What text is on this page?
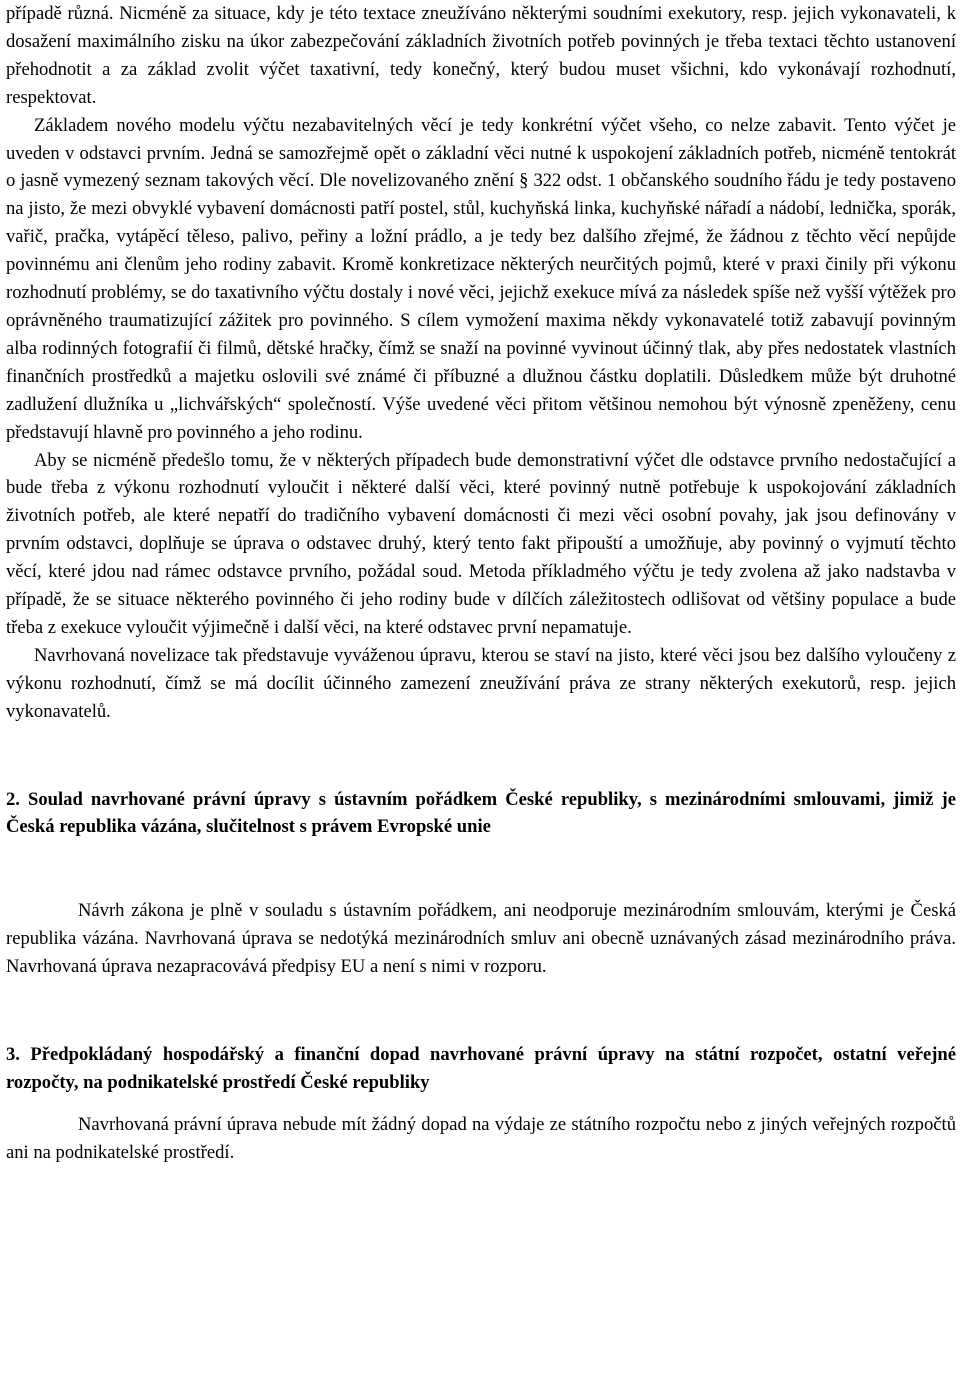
případě různá. Nicméně za situace, kdy je této textace zneužíváno některými soudními exekutory, resp. jejich vykonavateli, k dosažení maximálního zisku na úkor zabezpečování základních životních potřeb povinných je třeba textaci těchto ustanovení přehodnotit a za základ zvolit výčet taxativní, tedy konečný, který budou muset všichni, kdo vykonávají rozhodnutí, respektovat.

Základem nového modelu výčtu nezabavitelných věcí je tedy konkrétní výčet všeho, co nelze zabavit. Tento výčet je uveden v odstavci prvním. Jedná se samozřejmě opět o základní věci nutné k uspokojení základních potřeb, nicméně tentokrát o jasně vymezený seznam takových věcí. Dle novelizovaného znění § 322 odst. 1 občanského soudního řádu je tedy postaveno na jisto, že mezi obvyklé vybavení domácnosti patří postel, stůl, kuchyňská linka, kuchyňské nářadí a nádobí, lednička, sporák, vařič, pračka, vytápěcí těleso, palivo, peřiny a ložní prádlo, a je tedy bez dalšího zřejmé, že žádnou z těchto věcí nepůjde povinnému ani členům jeho rodiny zabavit. Kromě konkretizace některých neurčitých pojmů, které v praxi činily při výkonu rozhodnutí problémy, se do taxativního výčtu dostaly i nové věci, jejichž exekuce mívá za následek spíše než vyšší výtěžek pro oprávněného traumatizující zážitek pro povinného. S cílem vymožení maxima někdy vykonavatelé totiž zabavují povinným alba rodinných fotografií či filmů, dětské hračky, čímž se snaží na povinné vyvinout účinný tlak, aby přes nedostatek vlastních finančních prostředků a majetku oslovili své známé či příbuzné a dlužnou částku doplatili. Důsledkem může být druhotné zadlužení dlužníka u „lichvářských“ společností. Výše uvedené věci přitom většinou nemohou být výnosně zpeněženy, cenu představují hlavně pro povinného a jeho rodinu.

Aby se nicméně předešlo tomu, že v některých případech bude demonstrativní výčet dle odstavce prvního nedostačující a bude třeba z výkonu rozhodnutí vyloučit i některé další věci, které povinný nutně potřebuje k uspokojování základních životních potřeb, ale které nepatří do tradičního vybavení domácnosti či mezi věci osobní povahy, jak jsou definovány v prvním odstavci, doplňuje se úprava o odstavec druhý, který tento fakt připouští a umožňuje, aby povinný o vyjmutí těchto věcí, které jdou nad rámec odstavce prvního, požádal soud. Metoda příkladmého výčtu je tedy zvolena až jako nadstavba v případě, že se situace některého povinného či jeho rodiny bude v dílčích záležitostech odlišovat od většiny populace a bude třeba z exekuce vyloučit výjimečně i další věci, na které odstavec první nepamatuje.

Navrhovaná novelizace tak představuje vyváženou úpravu, kterou se staví na jisto, které věci jsou bez dalšího vyloučeny z výkonu rozhodnutí, čímž se má docílit účinného zamezení zneužívání práva ze strany některých exekutorů, resp. jejich vykonavatelů.

2. Soulad navrhované právní úpravy s ústavním pořádkem České republiky, s mezinárodními smlouvami, jimiž je Česká republika vázána, slučitelnost s právem Evropské unie

Návrh zákona je plně v souladu s ústavním pořádkem, ani neodporuje mezinárodním smlouvám, kterými je Česká republika vázána. Navrhovaná úprava se nedotýká mezinárodních smluv ani obecně uznávaných zásad mezinárodního práva. Navrhovaná úprava nezapracovává předpisy EU a není s nimi v rozporu.

3. Předpokládaný hospodářský a finanční dopad navrhované právní úpravy na státní rozpočet, ostatní veřejné rozpočty, na podnikatelské prostředí České republiky

Navrhovaná právní úprava nebude mít žádný dopad na výdaje ze státního rozpočtu nebo z jiných veřejných rozpočtů ani na podnikatelské prostředí.
